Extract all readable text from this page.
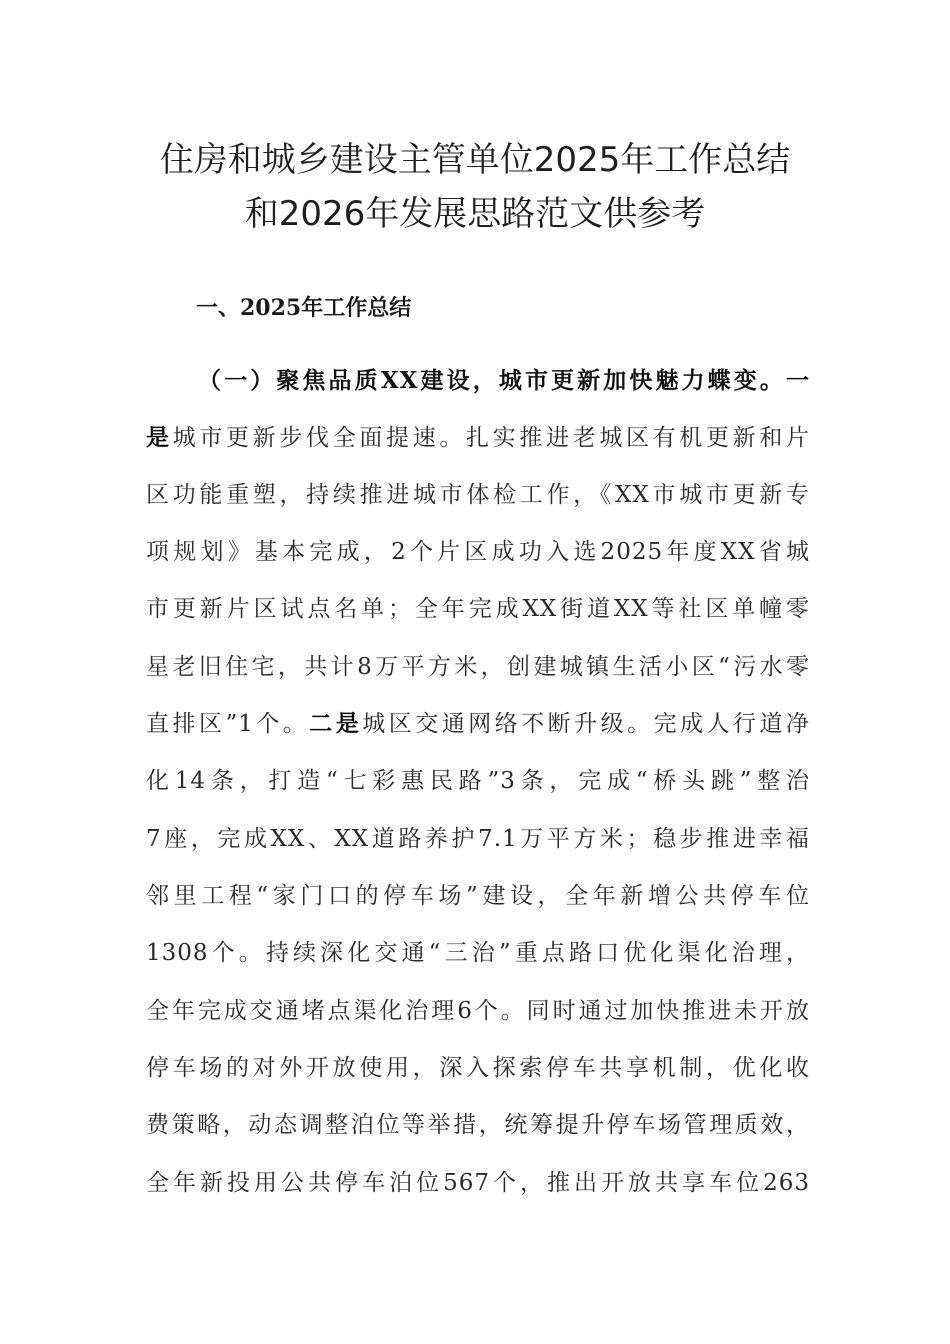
住房和城乡建设主管单位2025年工作总结
和2026年发展思路范文供参考
一、2025年工作总结

（一）聚焦品质XX建设，城市更新加快魅力蝶变。一

是城市更新步伐全面提速。扎实推进老城区有机更新和片

区功能重塑，持续推进城市体检工作，《XX市城市更新专

项规划》基本完成，2个片区成功入选2025年度XX省城

市更新片区试点名单；全年完成XX街道XX等社区单幢零

星老旧住宅，共计8万平方米，创建城镇生活小区“污水零

直排区”1个。二是城区交通网络不断升级。完成人行道净

化14条，打造“七彩惠民路”3条，完成“桥头跳”整治

7座，完成XX、XX道路养护7.1万平方米；稳步推进幸福

邻里工程“家门口的停车场”建设，全年新增公共停车位

1308个。持续深化交通“三治”重点路口优化渠化治理，

全年完成交通堵点渠化治理6个。同时通过加快推进未开放

停车场的对外开放使用，深入探索停车共享机制，优化收

费策略，动态调整泊位等举措，统筹提升停车场管理质效，

全年新投用公共停车泊位567个，推出开放共享车位263
